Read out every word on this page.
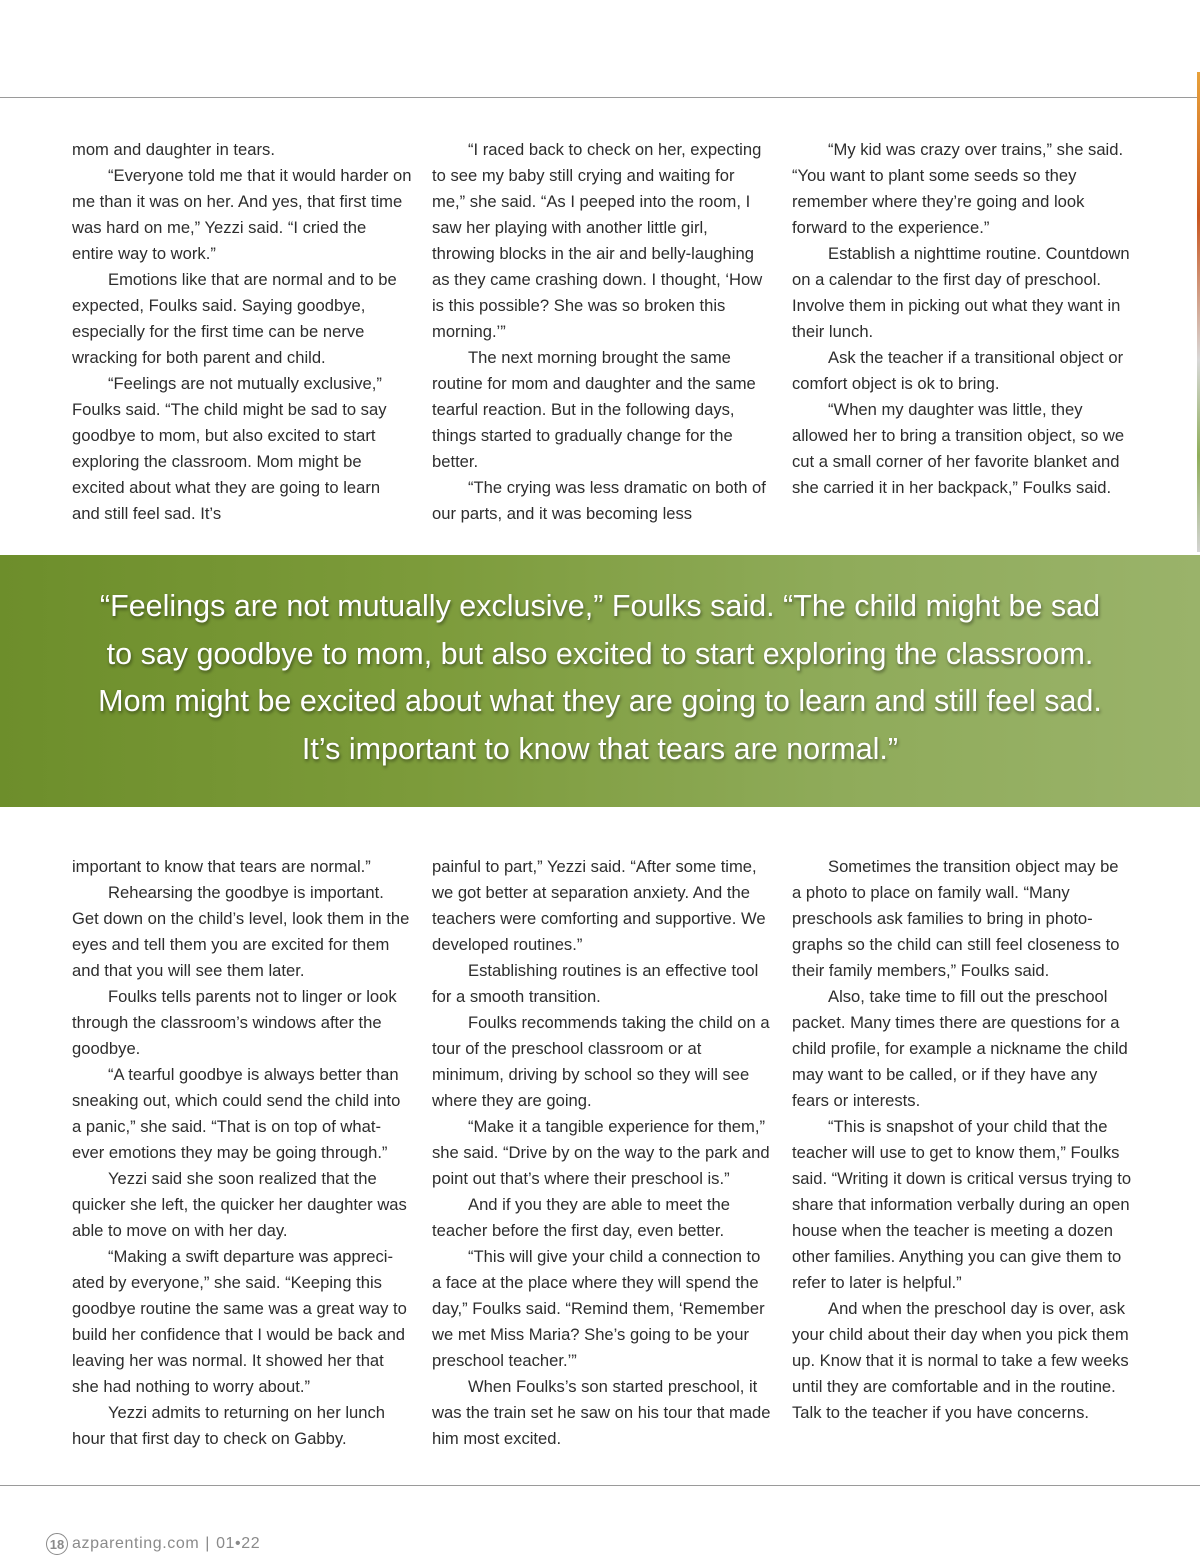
mom and daughter in tears.

“Everyone told me that it would harder on me than it was on her. And yes, that first time was hard on me,” Yezzi said. “I cried the entire way to work.”

Emotions like that are normal and to be expected, Foulks said. Saying goodbye, especially for the first time can be nerve wracking for both parent and child.

“Feelings are not mutually exclusive,” Foulks said. “The child might be sad to say goodbye to mom, but also excited to start exploring the classroom. Mom might be excited about what they are going to learn and still feel sad. It’s

“I raced back to check on her, expecting to see my baby still crying and waiting for me,” she said. “As I peeped into the room, I saw her playing with another little girl, throwing blocks in the air and belly-laughing as they came crashing down. I thought, ‘How is this possible? She was so broken this morning.’”

The next morning brought the same routine for mom and daughter and the same tearful reaction. But in the following days, things started to gradually change for the better.

“The crying was less dramatic on both of our parts, and it was becoming less

“My kid was crazy over trains,” she said. “You want to plant some seeds so they remember where they’re going and look forward to the experience.”

Establish a nighttime routine. Countdown on a calendar to the first day of preschool. Involve them in picking out what they want in their lunch.

Ask the teacher if a transitional object or comfort object is ok to bring.

“When my daughter was little, they allowed her to bring a transition object, so we cut a small corner of her favorite blanket and she carried it in her backpack,” Foulks said.

“Feelings are not mutually exclusive,” Foulks said. “The child might be sad to say goodbye to mom, but also excited to start exploring the classroom. Mom might be excited about what they are going to learn and still feel sad. It’s important to know that tears are normal.”

important to know that tears are normal.”

Rehearsing the goodbye is important. Get down on the child’s level, look them in the eyes and tell them you are excited for them and that you will see them later.

Foulks tells parents not to linger or look through the classroom’s windows after the goodbye.

“A tearful goodbye is always better than sneaking out, which could send the child into a panic,” she said. “That is on top of what-ever emotions they may be going through.”

Yezzi said she soon realized that the quicker she left, the quicker her daughter was able to move on with her day.

“Making a swift departure was appreci-ated by everyone,” she said. “Keeping this goodbye routine the same was a great way to build her confidence that I would be back and leaving her was normal. It showed her that she had nothing to worry about.”

Yezzi admits to returning on her lunch hour that first day to check on Gabby.

painful to part,” Yezzi said. “After some time, we got better at separation anxiety. And the teachers were comforting and supportive. We developed routines.”

Establishing routines is an effective tool for a smooth transition.

Foulks recommends taking the child on a tour of the preschool classroom or at minimum, driving by school so they will see where they are going.

“Make it a tangible experience for them,” she said. “Drive by on the way to the park and point out that’s where their preschool is.”

And if you they are able to meet the teacher before the first day, even better.

“This will give your child a connection to a face at the place where they will spend the day,” Foulks said. “Remind them, ‘Remember we met Miss Maria? She’s going to be your preschool teacher.’”

When Foulks’s son started preschool, it was the train set he saw on his tour that made him most excited.

Sometimes the transition object may be a photo to place on family wall. “Many preschools ask families to bring in photo-graphs so the child can still feel closeness to their family members,” Foulks said.

Also, take time to fill out the preschool packet. Many times there are questions for a child profile, for example a nickname the child may want to be called, or if they have any fears or interests.

“This is snapshot of your child that the teacher will use to get to know them,” Foulks said. “Writing it down is critical versus trying to share that information verbally during an open house when the teacher is meeting a dozen other families. Anything you can give them to refer to later is helpful.”

And when the preschool day is over, ask your child about their day when you pick them up. Know that it is normal to take a few weeks until they are comfortable and in the routine. Talk to the teacher if you have concerns.

18 azparenting.com | 01•22
